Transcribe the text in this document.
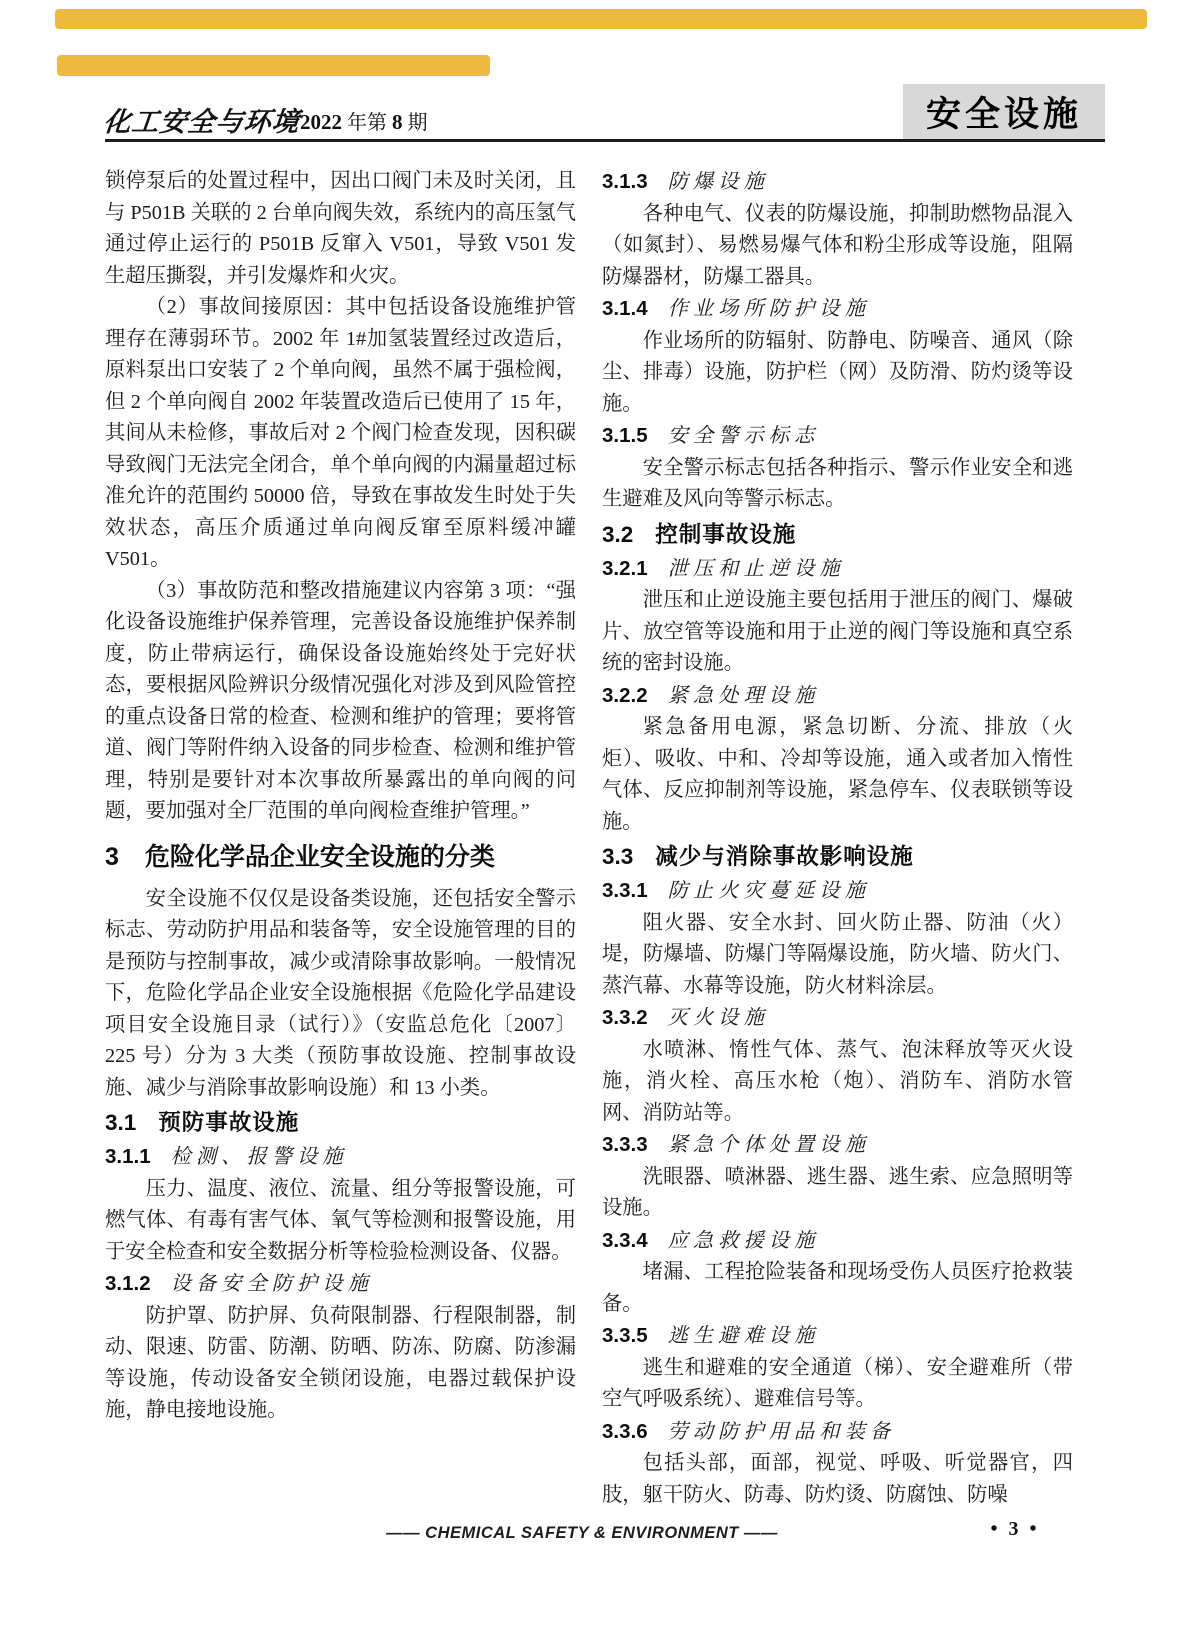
化工安全与环境
2022 年第 8 期	安全设施

锁停泵后的处置过程中，因出口阀门未及时关闭，且与 P501B 关联的 2 台单向阀失效，系统内的高压氢气通过停止运行的 P501B 反窜入 V501，导致 V501 发生超压撕裂，并引发爆炸和火灾。

（2）事故间接原因：其中包括设备设施维护管理存在薄弱环节。2002 年 1#加氢装置经过改造后，原料泵出口安装了 2 个单向阀，虽然不属于强检阀，但 2 个单向阀自 2002 年装置改造后已使用了 15 年，其间从未检修，事故后对 2 个阀门检查发现，因积碳导致阀门无法完全闭合，单个单向阀的内漏量超过标准允许的范围约 50000 倍，导致在事故发生时处于失效状态，高压介质通过单向阀反窜至原料缓冲罐 V501。

（3）事故防范和整改措施建议内容第 3 项：“强化设备设施维护保养管理，完善设备设施维护保养制度，防止带病运行，确保设备设施始终处于完好状态，要根据风险辨识分级情况强化对涉及到风险管控的重点设备日常的检查、检测和维护的管理；要将管道、阀门等附件纳入设备的同步检查、检测和维护管理，特别是要针对本次事故所暴露出的单向阀的问题，要加强对全厂范围的单向阀检查维护管理。”

3 危险化学品企业安全设施的分类

安全设施不仅仅是设备类设施，还包括安全警示标志、劳动防护用品和装备等，安全设施管理的目的是预防与控制事故，减少或清除事故影响。一般情况下，危险化学品企业安全设施根据《危险化学品建设项目安全设施目录（试行）》（安监总危化〔2007〕225 号）分为 3 大类（预防事故设施、控制事故设施、减少与消除事故影响设施）和 13 小类。

3.1 预防事故设施
3.1.1 检测、报警设施

压力、温度、液位、流量、组分等报警设施，可燃气体、有毒有害气体、氧气等检测和报警设施，用于安全检查和安全数据分析等检验检测设备、仪器。

3.1.2 设备安全防护设施

防护罩、防护屏、负荷限制器、行程限制器，制动、限速、防雷、防潮、防晒、防冻、防腐、防渗漏等设施，传动设备安全锁闭设施，电器过载保护设施，静电接地设施。

3.1.3 防爆设施

各种电气、仪表的防爆设施，抑制助燃物品混入（如氮封）、易燃易爆气体和粉尘形成等设施，阻隔防爆器材，防爆工器具。

3.1.4 作业场所防护设施

作业场所的防辐射、防静电、防噪音、通风（除尘、排毒）设施，防护栏（网）及防滑、防灼烫等设施。

3.1.5 安全警示标志

安全警示标志包括各种指示、警示作业安全和逃生避难及风向等警示标志。

3.2 控制事故设施
3.2.1 泄压和止逆设施

泄压和止逆设施主要包括用于泄压的阀门、爆破片、放空管等设施和用于止逆的阀门等设施和真空系统的密封设施。

3.2.2 紧急处理设施

紧急备用电源，紧急切断、分流、排放（火炬）、吸收、中和、冷却等设施，通入或者加入惰性气体、反应抑制剂等设施，紧急停车、仪表联锁等设施。

3.3 减少与消除事故影响设施
3.3.1 防止火灾蔓延设施

阻火器、安全水封、回火防止器、防油（火）堤，防爆墙、防爆门等隔爆设施，防火墙、防火门、蒸汽幕、水幕等设施，防火材料涂层。

3.3.2 灭火设施

水喷淋、惰性气体、蒸气、泡沫释放等灭火设施，消火栓、高压水枪（炮）、消防车、消防水管网、消防站等。

3.3.3 紧急个体处置设施

洗眼器、喷淋器、逃生器、逃生索、应急照明等设施。

3.3.4 应急救援设施

堵漏、工程抢险装备和现场受伤人员医疗抢救装备。

3.3.5 逃生避难设施

逃生和避难的安全通道（梯）、安全避难所（带空气呼吸系统）、避难信号等。

3.3.6 劳动防护用品和装备

包括头部，面部，视觉、呼吸、听觉器官，四肢，躯干防火、防毒、防灼烫、防腐蚀、防噪

—— CHEMICAL SAFETY & ENVIRONMENT ——	• 3 •
